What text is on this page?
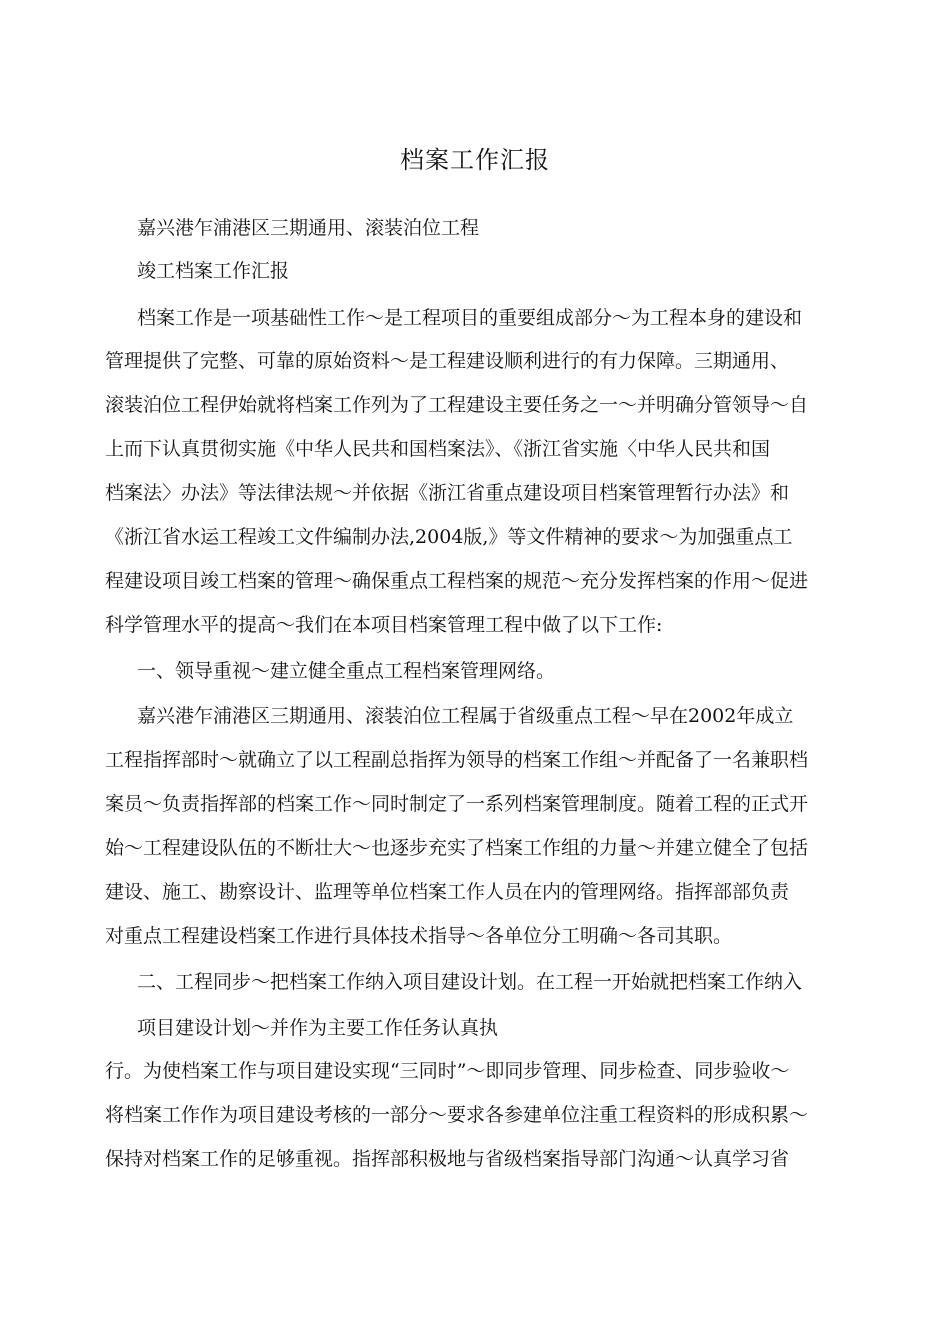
档案工作汇报
嘉兴港乍浦港区三期通用、滚装泊位工程
竣工档案工作汇报
档案工作是一项基础性工作〜是工程项目的重要组成部分〜为工程本身的建设和
管理提供了完整、可靠的原始资料〜是工程建设顺利进行的有力保障。三期通用、
滚装泊位工程伊始就将档案工作列为了工程建设主要任务之一〜并明确分管领导〜自
上而下认真贯彻实施《中华人民共和国档案法》、《浙江省实施〈中华人民共和国
档案法〉办法》等法律法规〜并依据《浙江省重点建设项目档案管理暂行办法》和
《浙江省水运工程竣工文件编制办法,2004版,》等文件精神的要求〜为加强重点工
程建设项目竣工档案的管理〜确保重点工程档案的规范〜充分发挥档案的作用〜促进
科学管理水平的提高〜我们在本项目档案管理工程中做了以下工作:
一、领导重视〜建立健全重点工程档案管理网络。
嘉兴港乍浦港区三期通用、滚装泊位工程属于省级重点工程〜早在2002年成立
工程指挥部时〜就确立了以工程副总指挥为领导的档案工作组〜并配备了一名兼职档
案员〜负责指挥部的档案工作〜同时制定了一系列档案管理制度。随着工程的正式开
始〜工程建设队伍的不断壮大〜也逐步充实了档案工作组的力量〜并建立健全了包括
建设、施工、勘察设计、监理等单位档案工作人员在内的管理网络。指挥部部负责
对重点工程建设档案工作进行具体技术指导〜各单位分工明确〜各司其职。
二、工程同步〜把档案工作纳入项目建设计划。在工程一开始就把档案工作纳入
项目建设计划〜并作为主要工作任务认真执
行。为使档案工作与项目建设实现“三同时”〜即同步管理、同步检查、同步验收〜
将档案工作作为项目建设考核的一部分〜要求各参建单位注重工程资料的形成积累〜
保持对档案工作的足够重视。指挥部积极地与省级档案指导部门沟通〜认真学习省
